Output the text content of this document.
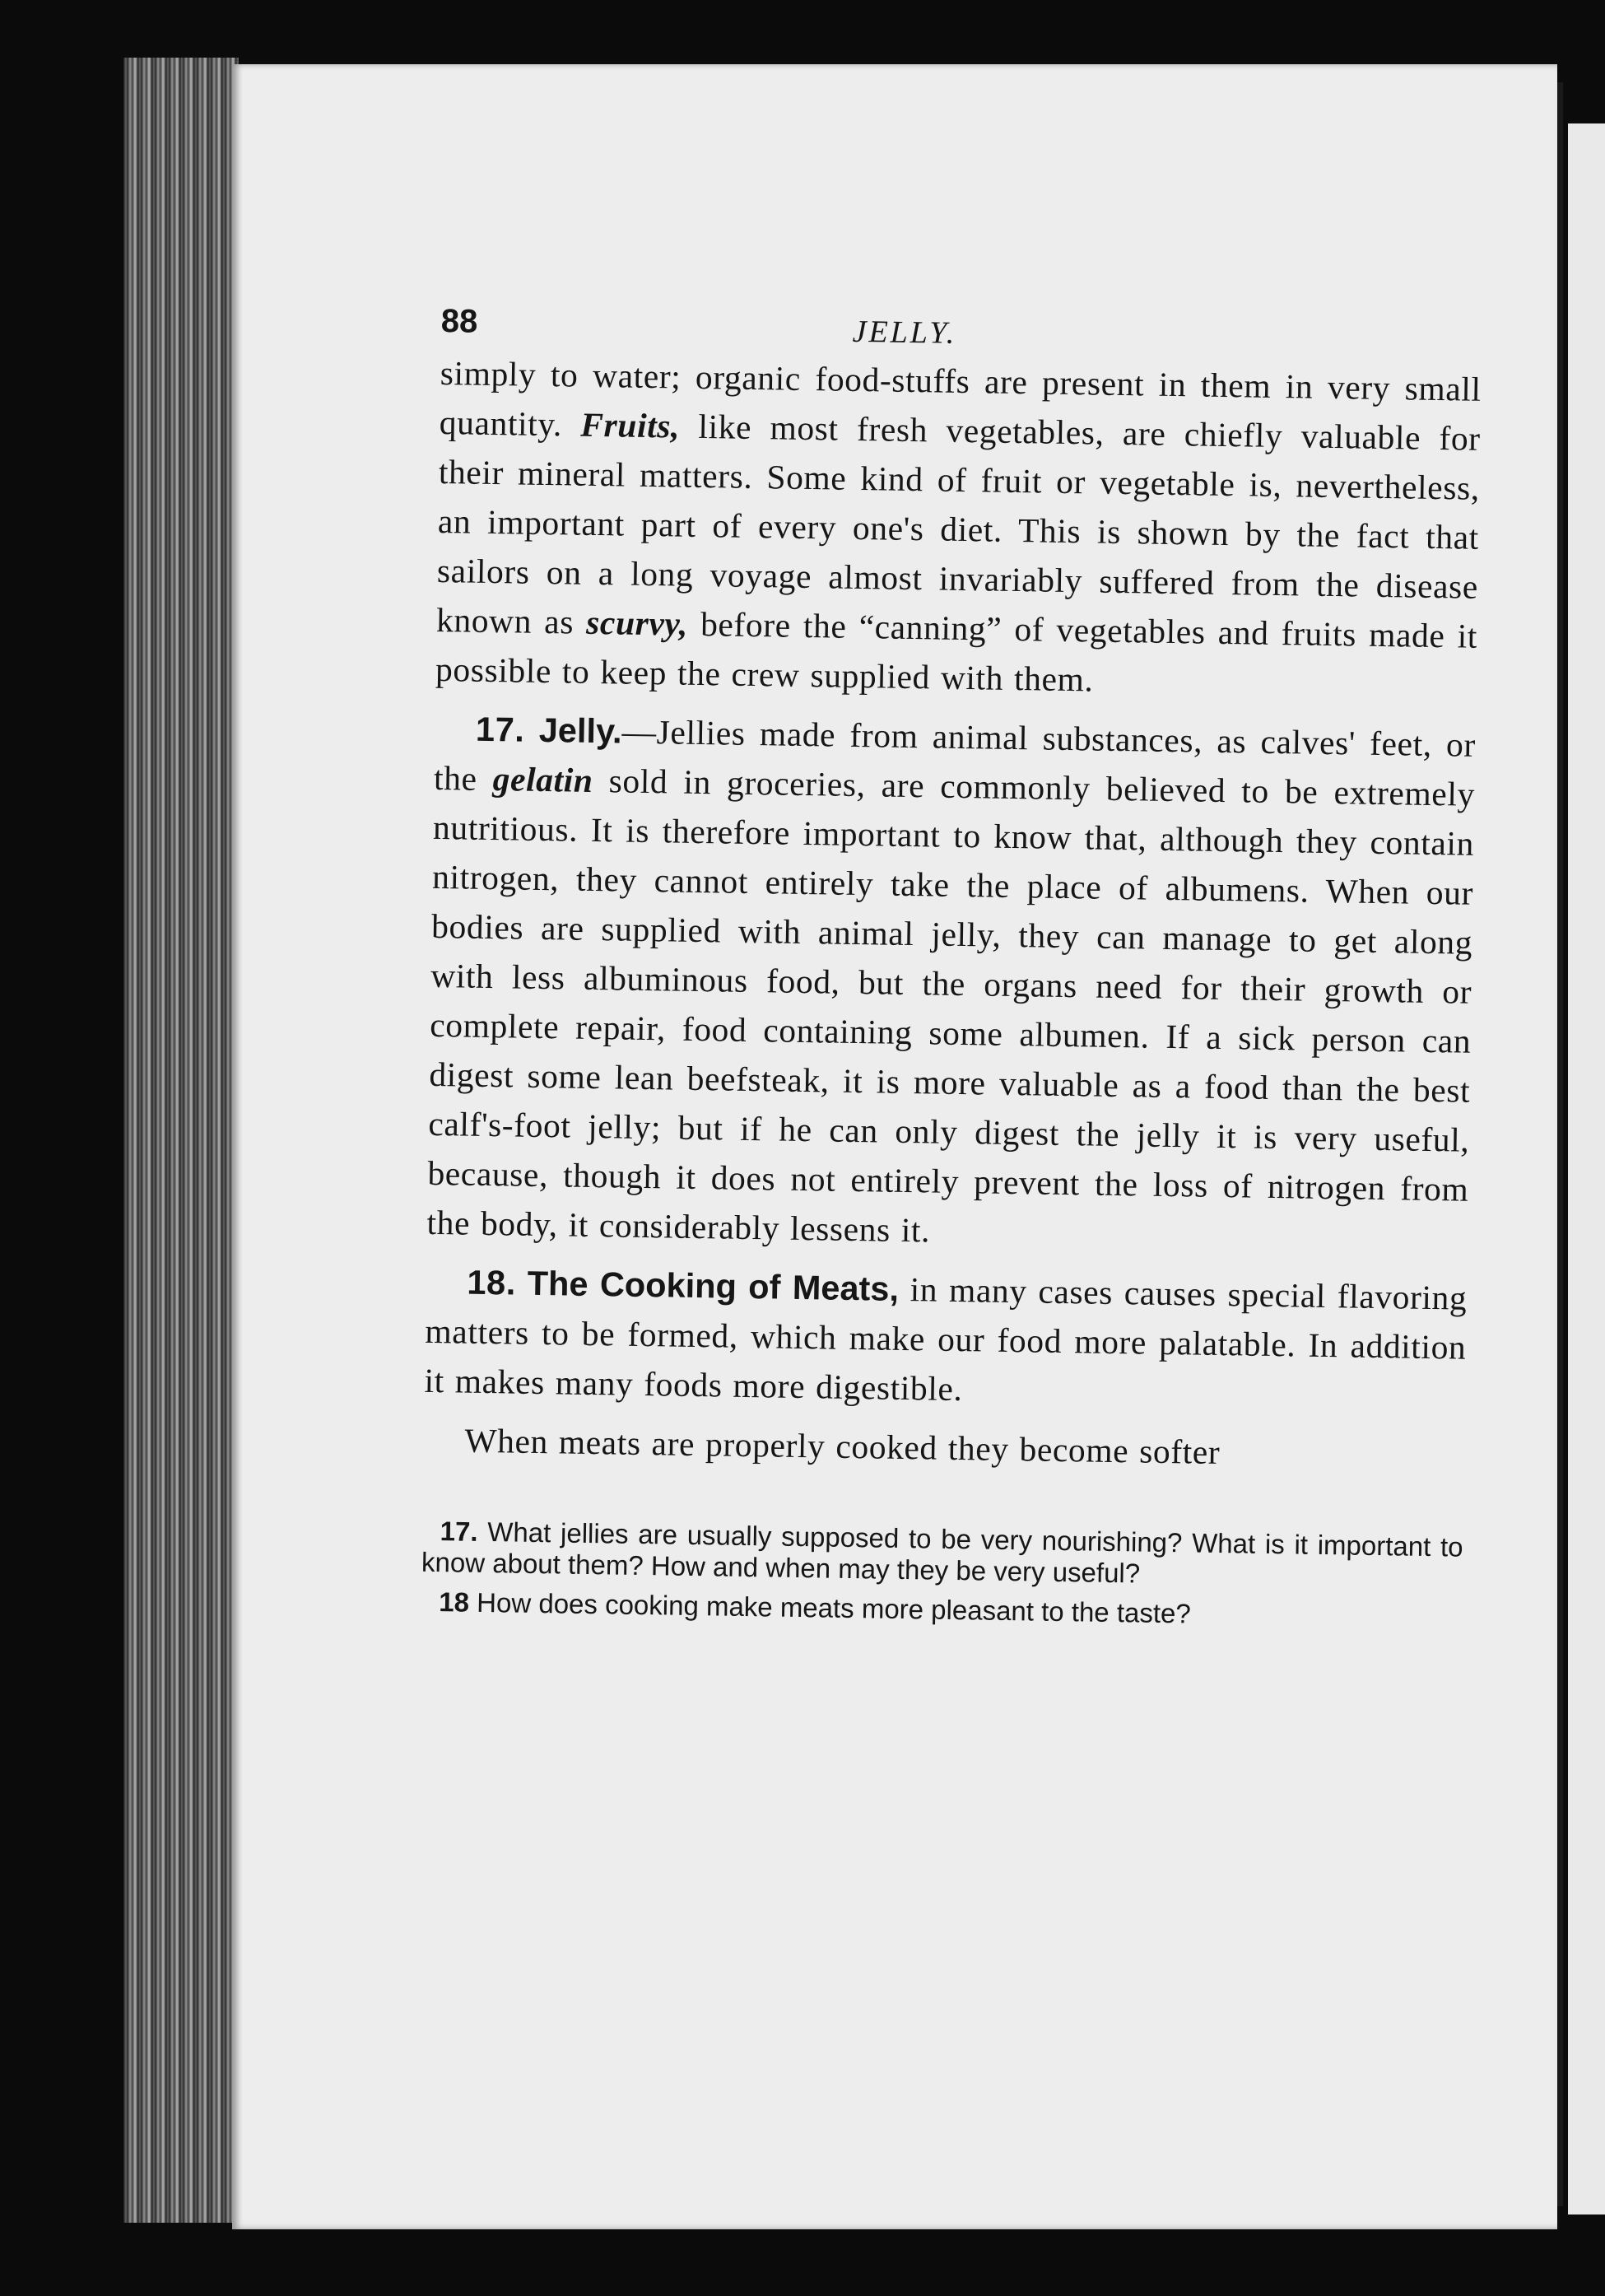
88	JELLY.

simply to water; organic food-stuffs are present in them in very small quantity. Fruits, like most fresh vegetables, are chiefly valuable for their mineral matters. Some kind of fruit or vegetable is, nevertheless, an important part of every one's diet. This is shown by the fact that sailors on a long voyage almost invariably suffered from the disease known as scurvy, before the “canning” of vegetables and fruits made it possible to keep the crew supplied with them.

17. Jelly.—Jellies made from animal substances, as calves' feet, or the gelatin sold in groceries, are commonly believed to be extremely nutritious. It is therefore important to know that, although they contain nitrogen, they cannot entirely take the place of albumens. When our bodies are supplied with animal jelly, they can manage to get along with less albuminous food, but the organs need for their growth or complete repair, food containing some albumen. If a sick person can digest some lean beefsteak, it is more valuable as a food than the best calf's-foot jelly; but if he can only digest the jelly it is very useful, because, though it does not entirely prevent the loss of nitrogen from the body, it considerably lessens it.

18. The Cooking of Meats, in many cases causes special flavoring matters to be formed, which make our food more palatable. In addition it makes many foods more digestible.

When meats are properly cooked they become softer

17. What jellies are usually supposed to be very nourishing? What is it important to know about them? How and when may they be very useful?

18 How does cooking make meats more pleasant to the taste?
